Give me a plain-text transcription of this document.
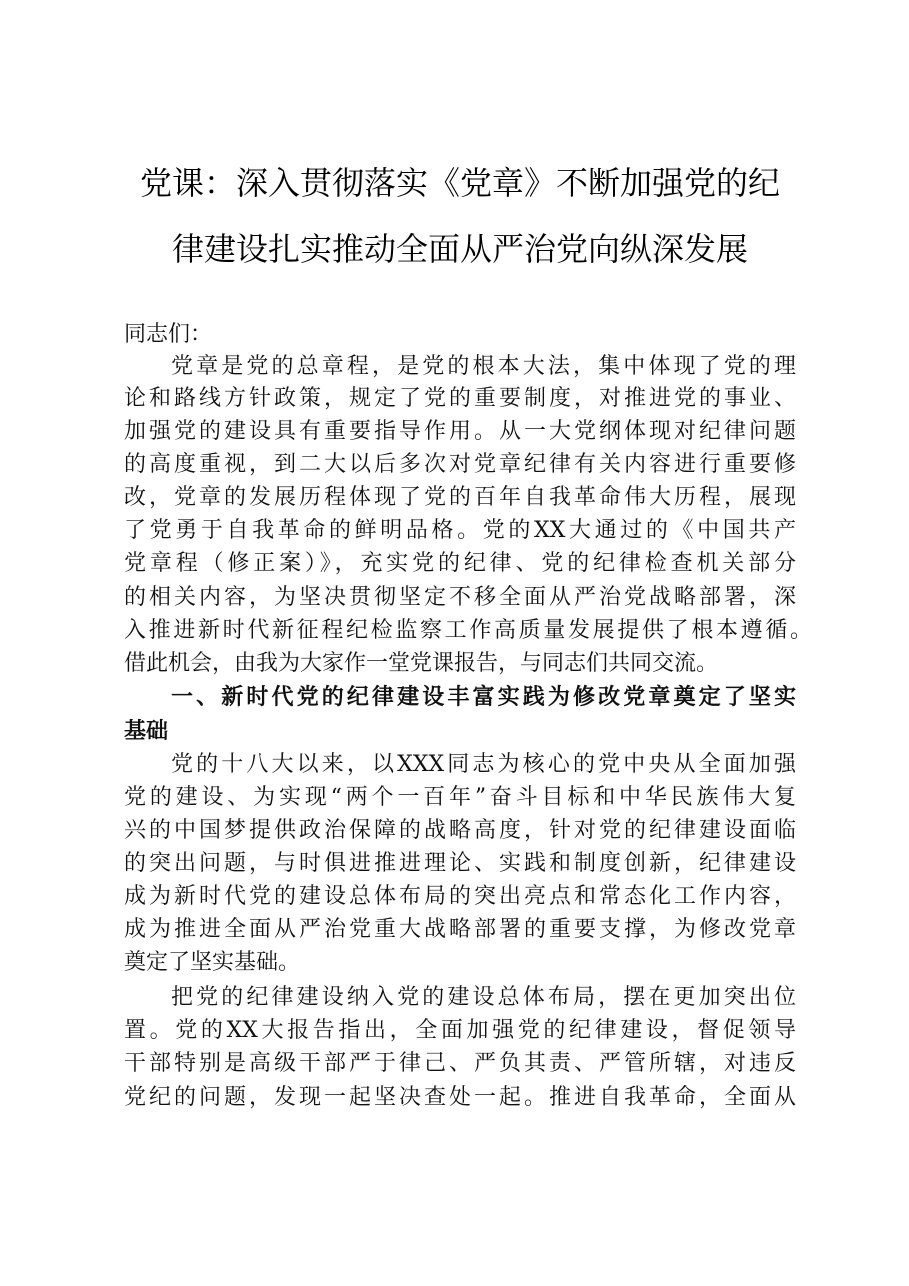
党课：深入贯彻落实《党章》不断加强党的纪
律建设扎实推动全面从严治党向纵深发展
同志们：
党章是党的总章程，是党的根本大法，集中体现了党的理
论和路线方针政策，规定了党的重要制度，对推进党的事业、
加强党的建设具有重要指导作用。从一大党纲体现对纪律问题
的高度重视，到二大以后多次对党章纪律有关内容进行重要修
改，党章的发展历程体现了党的百年自我革命伟大历程，展现
了党勇于自我革命的鲜明品格。党的XX大通过的《中国共产
党章程（修正案）》，充实党的纪律、党的纪律检查机关部分
的相关内容，为坚决贯彻坚定不移全面从严治党战略部署，深
入推进新时代新征程纪检监察工作高质量发展提供了根本遵循。
借此机会，由我为大家作一堂党课报告，与同志们共同交流。
一、新时代党的纪律建设丰富实践为修改党章奠定了坚实
基础
党的十八大以来，以XXX同志为核心的党中央从全面加强
党的建设、为实现“两个一百年”奋斗目标和中华民族伟大复
兴的中国梦提供政治保障的战略高度，针对党的纪律建设面临
的突出问题，与时俱进推进理论、实践和制度创新，纪律建设
成为新时代党的建设总体布局的突出亮点和常态化工作内容，
成为推进全面从严治党重大战略部署的重要支撑，为修改党章
奠定了坚实基础。
把党的纪律建设纳入党的建设总体布局，摆在更加突出位
置。党的XX大报告指出，全面加强党的纪律建设，督促领导
干部特别是高级干部严于律己、严负其责、严管所辖，对违反
党纪的问题，发现一起坚决查处一起。推进自我革命，全面从
